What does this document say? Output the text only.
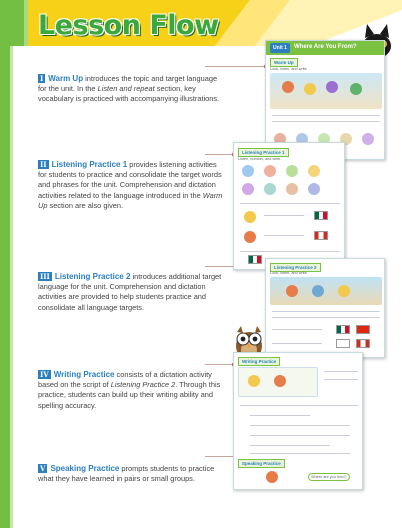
Lesson Flow
I Warm Up introduces the topic and target language for the unit. In the Listen and repeat section, key vocabulary is practiced with accompanying illustrations.
II Listening Practice 1 provides listening activities for students to practice and consolidate the target words and phrases for the unit. Comprehension and dictation activities related to the language introduced in the Warm Up section are also given.
III Listening Practice 2 introduces additional target language for the unit. Comprehension and dictation activities are provided to help students practice and consolidate all language targets.
IV Writing Practice consists of a dictation activity based on the script of Listening Practice 2. Through this practice, students can build up their writing ability and spelling accuracy.
V Speaking Practice prompts students to practice what they have learned in pairs or small groups.
Unit 1	Where Are You From?
Warm Up
Look, listen, and write.
Listening Practice 1
Listen, number, and write.
Listening Practice 2
Look, listen, and write.
Writing Practice
Speaking Practice
Where are you from?
